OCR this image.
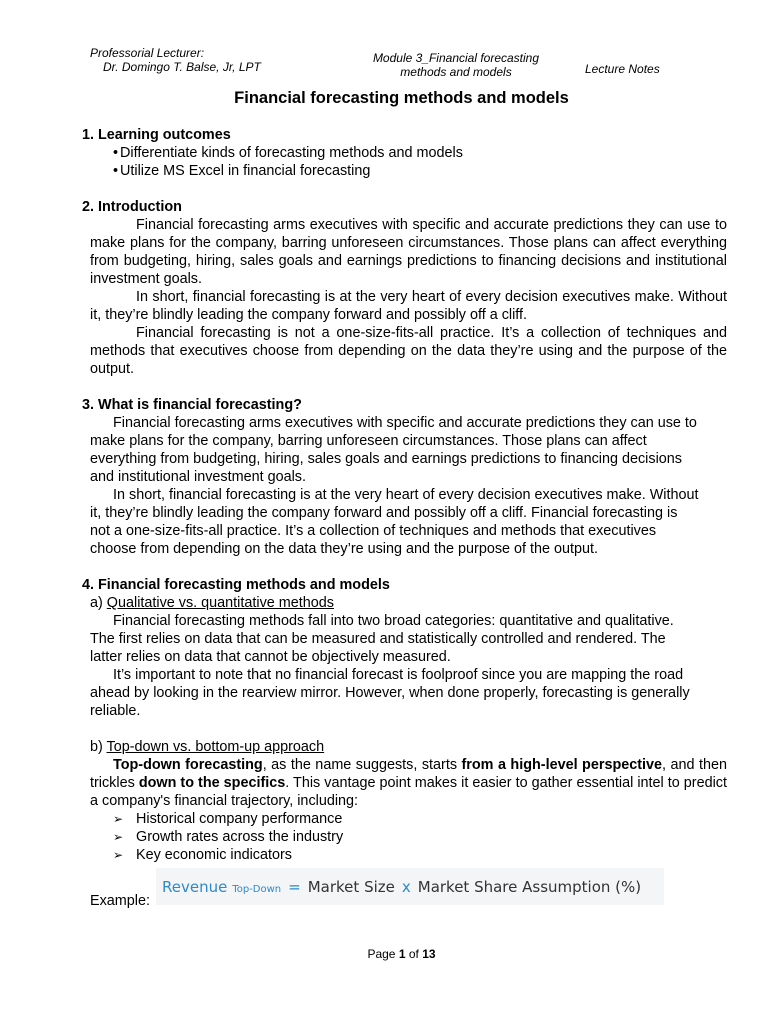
Professorial Lecturer:
Dr. Domingo T. Balse, Jr, LPT
Module 3_Financial forecasting
methods and models	Lecture Notes
Financial forecasting methods and models
1. Learning outcomes
• Differentiate kinds of forecasting methods and models
• Utilize MS Excel in financial forecasting
2. Introduction
Financial forecasting arms executives with specific and accurate predictions they can use to make plans for the company, barring unforeseen circumstances. Those plans can affect everything from budgeting, hiring, sales goals and earnings predictions to financing decisions and institutional investment goals.
In short, financial forecasting is at the very heart of every decision executives make. Without it, they’re blindly leading the company forward and possibly off a cliff.
Financial forecasting is not a one-size-fits-all practice. It’s a collection of techniques and methods that executives choose from depending on the data they’re using and the purpose of the output.
3. What is financial forecasting?
Financial forecasting arms executives with specific and accurate predictions they can use to
make plans for the company, barring unforeseen circumstances. Those plans can affect
everything from budgeting, hiring, sales goals and earnings predictions to financing decisions
and institutional investment goals.
In short, financial forecasting is at the very heart of every decision executives make. Without
it, they’re blindly leading the company forward and possibly off a cliff. Financial forecasting is
not a one-size-fits-all practice. It’s a collection of techniques and methods that executives
choose from depending on the data they’re using and the purpose of the output.
4. Financial forecasting methods and models
a) Qualitative vs. quantitative methods
Financial forecasting methods fall into two broad categories: quantitative and qualitative.
The first relies on data that can be measured and statistically controlled and rendered. The
latter relies on data that cannot be objectively measured.
It’s important to note that no financial forecast is foolproof since you are mapping the road
ahead by looking in the rearview mirror. However, when done properly, forecasting is generally
reliable.
b) Top-down vs. bottom-up approach
Top-down forecasting, as the name suggests, starts from a high-level perspective, and then trickles down to the specifics. This vantage point makes it easier to gather essential intel to predict a company's financial trajectory, including:
➢ Historical company performance
➢ Growth rates across the industry
➢ Key economic indicators
Example:
Revenue Top-Down = Market Size x Market Share Assumption (%)
Page 1 of 13
